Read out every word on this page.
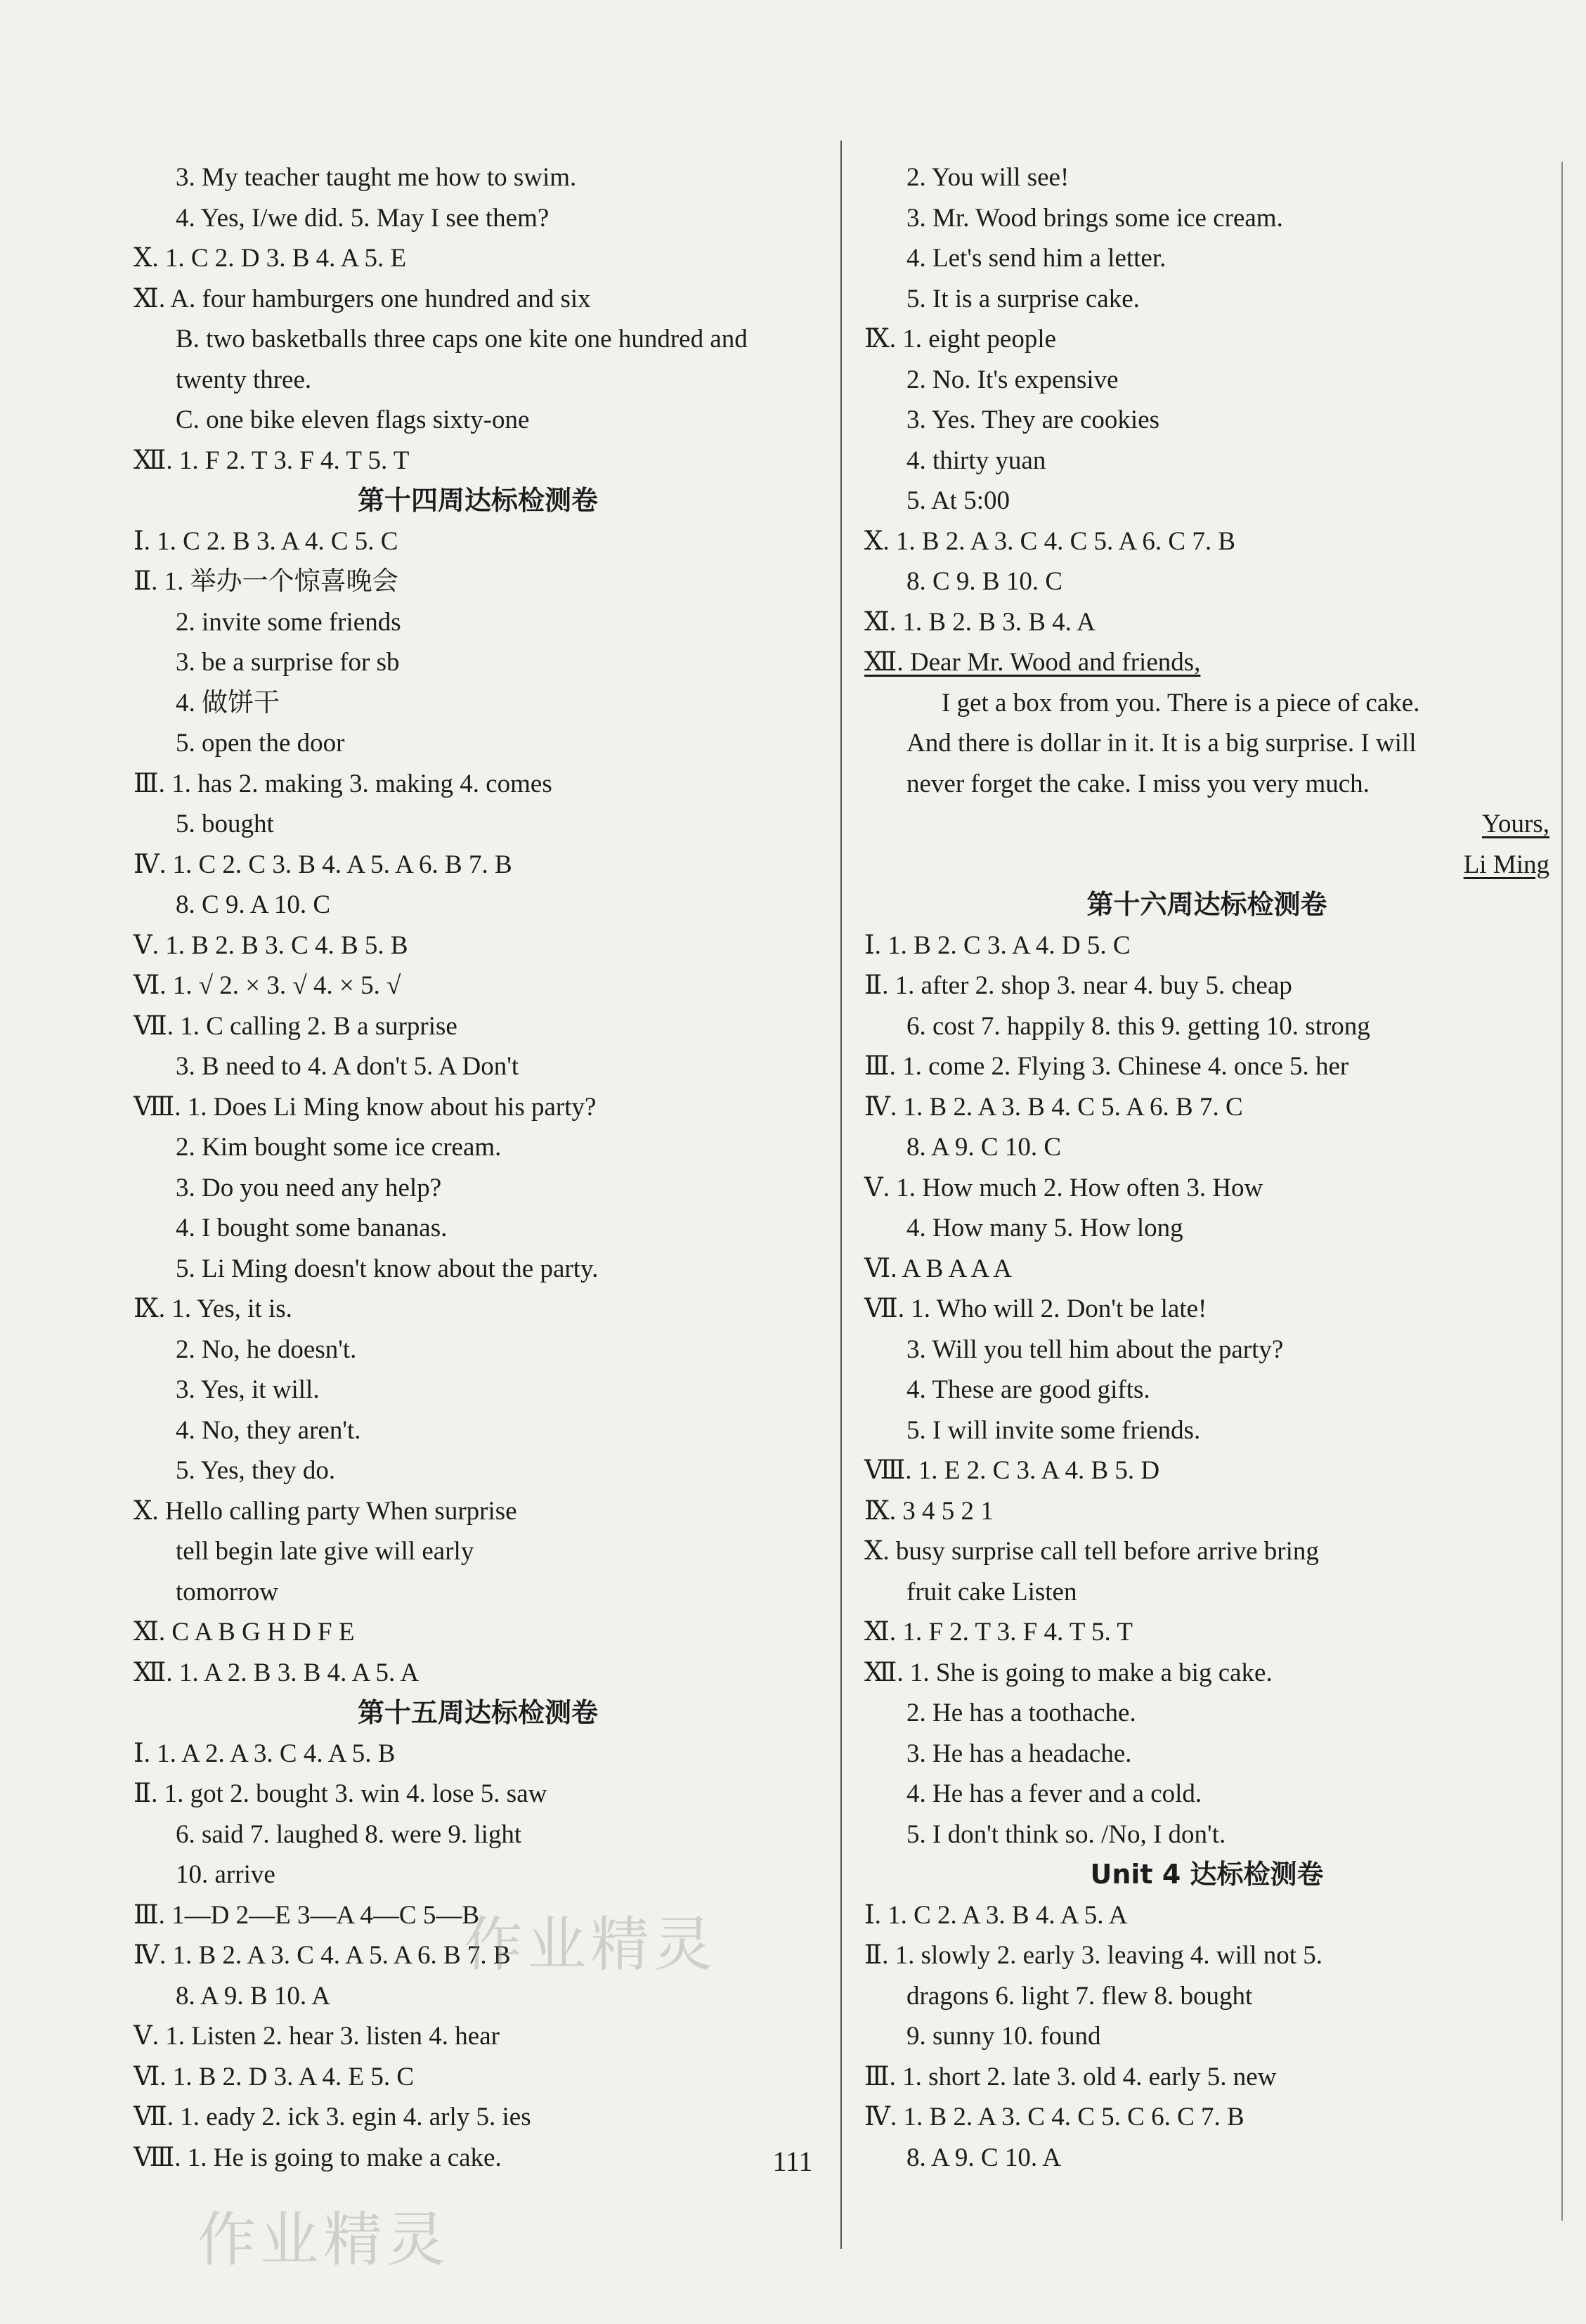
3. My teacher taught me how to swim.
4. Yes, I/we did. 5. May I see them?
Ⅹ. 1. C 2. D 3. B 4. A 5. E
Ⅺ. A. four hamburgers one hundred and six
B. two basketballs three caps one kite one hundred and
twenty three.
C. one bike eleven flags sixty-one
Ⅻ. 1. F 2. T 3. F 4. T 5. T
第十四周达标检测卷
Ⅰ. 1. C 2. B 3. A 4. C 5. C
Ⅱ. 1. 举办一个惊喜晚会
2. invite some friends
3. be a surprise for sb
4. 做饼干
5. open the door
Ⅲ. 1. has 2. making 3. making 4. comes
5. bought
Ⅳ. 1. C 2. C 3. B 4. A 5. A 6. B 7. B
8. C 9. A 10. C
Ⅴ. 1. B 2. B 3. C 4. B 5. B
Ⅵ. 1. √ 2. × 3. √ 4. × 5. √
Ⅶ. 1. C calling 2. B a surprise
3. B need to 4. A don't 5. A Don't
Ⅷ. 1. Does Li Ming know about his party?
2. Kim bought some ice cream.
3. Do you need any help?
4. I bought some bananas.
5. Li Ming doesn't know about the party.
Ⅸ. 1. Yes, it is.
2. No, he doesn't.
3. Yes, it will.
4. No, they aren't.
5. Yes, they do.
Ⅹ. Hello calling party When surprise
tell begin late give will early
tomorrow
Ⅺ. C A B G H D F E
Ⅻ. 1. A 2. B 3. B 4. A 5. A
第十五周达标检测卷
Ⅰ. 1. A 2. A 3. C 4. A 5. B
Ⅱ. 1. got 2. bought 3. win 4. lose 5. saw
6. said 7. laughed 8. were 9. light
10. arrive
Ⅲ. 1—D 2—E 3—A 4—C 5—B
Ⅳ. 1. B 2. A 3. C 4. A 5. A 6. B 7. B
8. A 9. B 10. A
Ⅴ. 1. Listen 2. hear 3. listen 4. hear
Ⅵ. 1. B 2. D 3. A 4. E 5. C
Ⅶ. 1. eady 2. ick 3. egin 4. arly 5. ies
Ⅷ. 1. He is going to make a cake.
2. You will see!
3. Mr. Wood brings some ice cream.
4. Let's send him a letter.
5. It is a surprise cake.
Ⅸ. 1. eight people
2. No. It's expensive
3. Yes. They are cookies
4. thirty yuan
5. At 5:00
Ⅹ. 1. B 2. A 3. C 4. C 5. A 6. C 7. B
8. C 9. B 10. C
Ⅺ. 1. B 2. B 3. B 4. A
Ⅻ. Dear Mr. Wood and friends,
I get a box from you. There is a piece of cake.
And there is dollar in it. It is a big surprise. I will
never forget the cake. I miss you very much.
Yours,
Li Ming
第十六周达标检测卷
Ⅰ. 1. B 2. C 3. A 4. D 5. C
Ⅱ. 1. after 2. shop 3. near 4. buy 5. cheap
6. cost 7. happily 8. this 9. getting 10. strong
Ⅲ. 1. come 2. Flying 3. Chinese 4. once 5. her
Ⅳ. 1. B 2. A 3. B 4. C 5. A 6. B 7. C
8. A 9. C 10. C
Ⅴ. 1. How much 2. How often 3. How
4. How many 5. How long
Ⅵ. A B A A A
Ⅶ. 1. Who will 2. Don't be late!
3. Will you tell him about the party?
4. These are good gifts.
5. I will invite some friends.
Ⅷ. 1. E 2. C 3. A 4. B 5. D
Ⅸ. 3 4 5 2 1
Ⅹ. busy surprise call tell before arrive bring
fruit cake Listen
Ⅺ. 1. F 2. T 3. F 4. T 5. T
Ⅻ. 1. She is going to make a big cake.
2. He has a toothache.
3. He has a headache.
4. He has a fever and a cold.
5. I don't think so. /No, I don't.
Unit 4 达标检测卷
Ⅰ. 1. C 2. A 3. B 4. A 5. A
Ⅱ. 1. slowly 2. early 3. leaving 4. will not 5.
dragons 6. light 7. flew 8. bought
9. sunny 10. found
Ⅲ. 1. short 2. late 3. old 4. early 5. new
Ⅳ. 1. B 2. A 3. C 4. C 5. C 6. C 7. B
8. A 9. C 10. A
111
作业精灵
作业精灵
